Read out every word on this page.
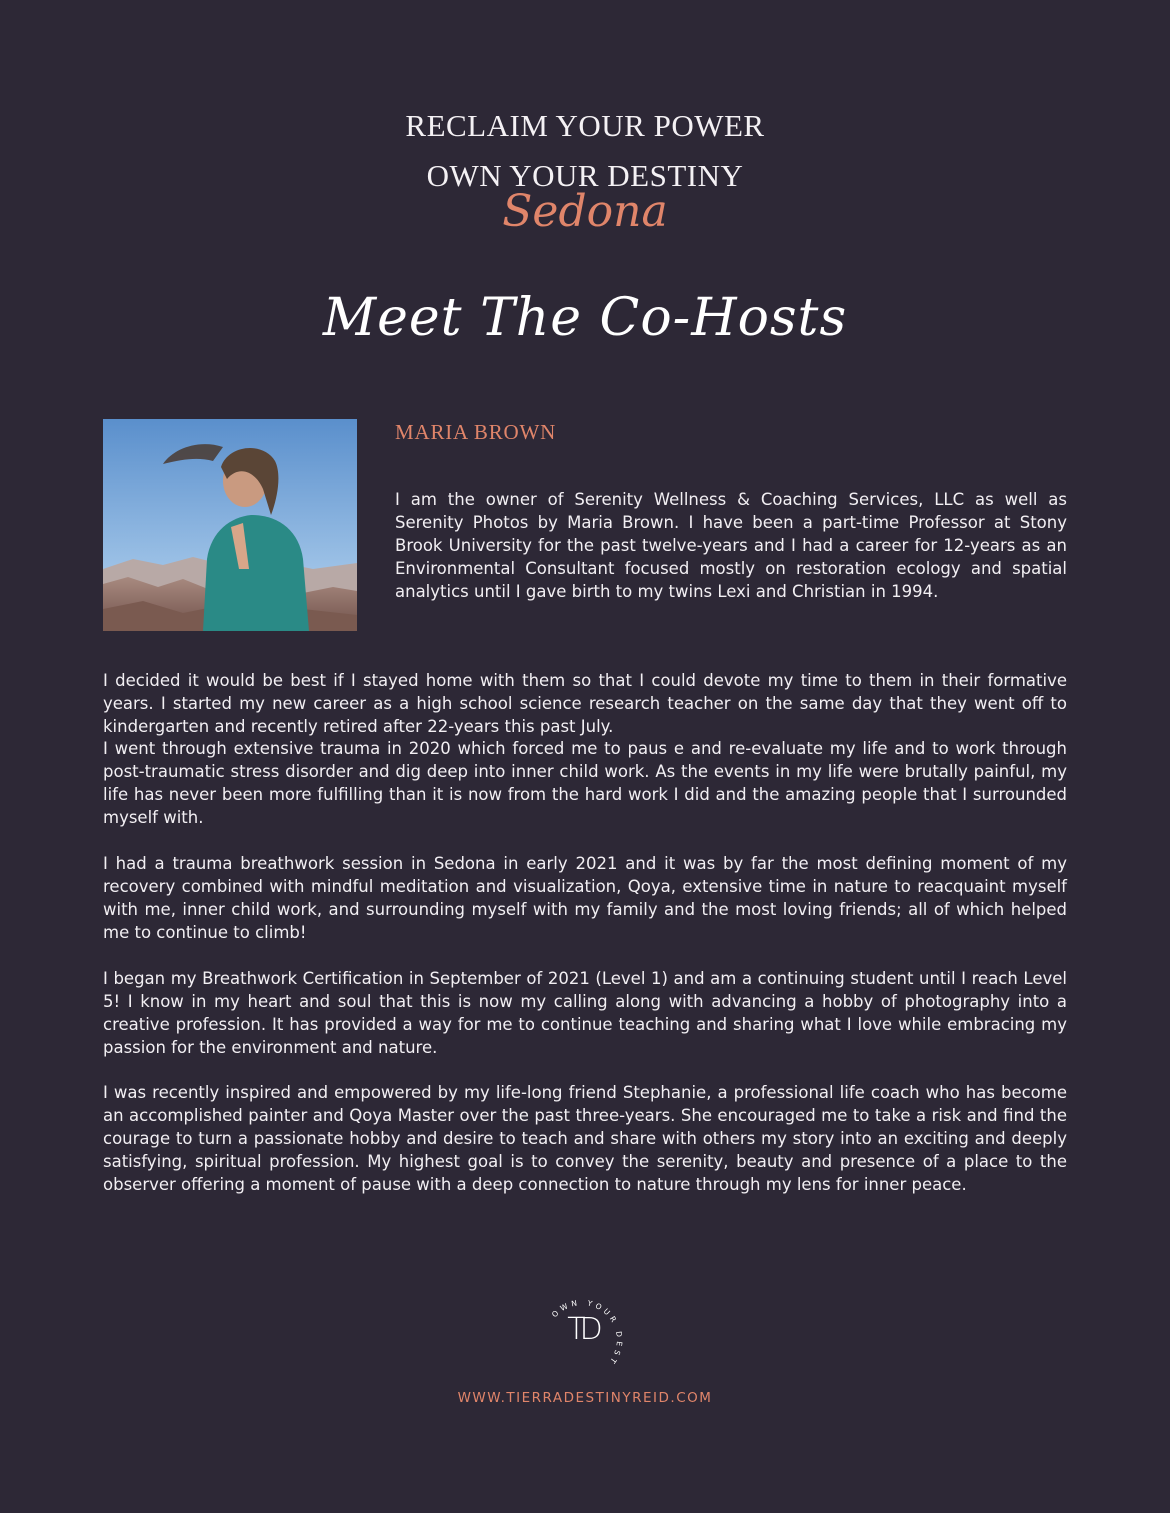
RECLAIM YOUR POWER
OWN YOUR DESTINY
Sedona
Meet The Co-Hosts
MARIA BROWN

I am the owner of Serenity Wellness & Coaching Services, LLC as well as Serenity Photos by Maria Brown. I have been a part-time Professor at Stony Brook University for the past twelve-years and I had a career for 12-years as an Environmental Consultant focused mostly on restoration ecology and spatial analytics until I gave birth to my twins Lexi and Christian in 1994.

I decided it would be best if I stayed home with them so that I could devote my time to them in their formative years. I started my new career as a high school science research teacher on the same day that they went off to kindergarten and recently retired after 22-years this past July.

I went through extensive trauma in 2020 which forced me to paus e and re-evaluate my life and to work through post-traumatic stress disorder and dig deep into inner child work. As the events in my life were brutally painful, my life has never been more fulfilling than it is now from the hard work I did and the amazing people that I surrounded myself with.

I had a trauma breathwork session in Sedona in early 2021 and it was by far the most defining moment of my recovery combined with mindful meditation and visualization, Qoya, extensive time in nature to reacquaint myself with me, inner child work, and surrounding myself with my family and the most loving friends; all of which helped me to continue to climb!

I began my Breathwork Certification in September of 2021 (Level 1) and am a continuing student until I reach Level 5! I know in my heart and soul that this is now my calling along with advancing a hobby of photography into a creative profession. It has provided a way for me to continue teaching and sharing what I love while embracing my passion for the environment and nature.

I was recently inspired and empowered by my life-long friend Stephanie, a professional life coach who has become an accomplished painter and Qoya Master over the past three-years. She encouraged me to take a risk and find the courage to turn a passionate hobby and desire to teach and share with others my story into an exciting and deeply satisfying, spiritual profession. My highest goal is to convey the serenity, beauty and presence of a place to the observer offering a moment of pause with a deep connection to nature through my lens for inner peace.

OWN YOUR DEST
TD
WWW.TIERRADESTINYREID.COM
